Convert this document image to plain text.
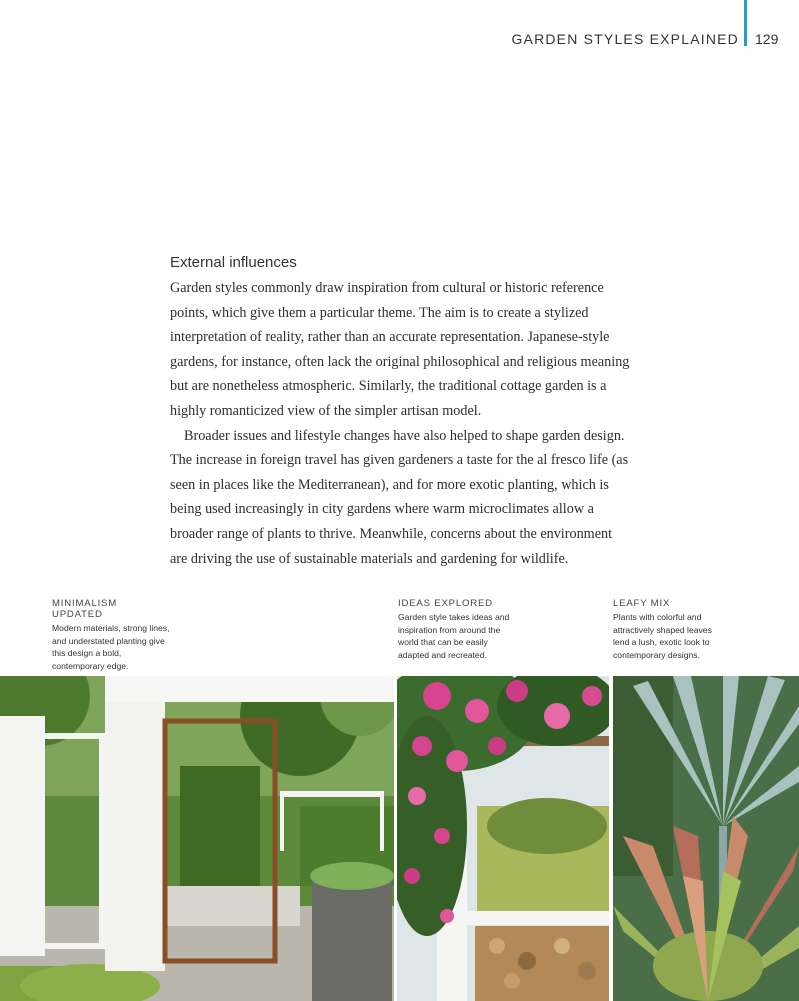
GARDEN STYLES EXPLAINED	129
External influences

Garden styles commonly draw inspiration from cultural or historic reference points, which give them a particular theme. The aim is to create a stylized interpretation of reality, rather than an accurate representation. Japanese-style gardens, for instance, often lack the original philosophical and religious meaning but are nonetheless atmospheric. Similarly, the traditional cottage garden is a highly romanticized view of the simpler artisan model.

Broader issues and lifestyle changes have also helped to shape garden design. The increase in foreign travel has given gardeners a taste for the al fresco life (as seen in places like the Mediterranean), and for more exotic planting, which is being used increasingly in city gardens where warm microclimates allow a broader range of plants to thrive. Meanwhile, concerns about the environment are driving the use of sustainable materials and gardening for wildlife.

MINIMALISM UPDATED
Modern materials, strong lines, and understated planting give this design a bold, contemporary edge.
IDEAS EXPLORED
Garden style takes ideas and inspiration from around the world that can be easily adapted and recreated.
LEAFY MIX
Plants with colorful and attractively shaped leaves lend a lush, exotic look to contemporary designs.
